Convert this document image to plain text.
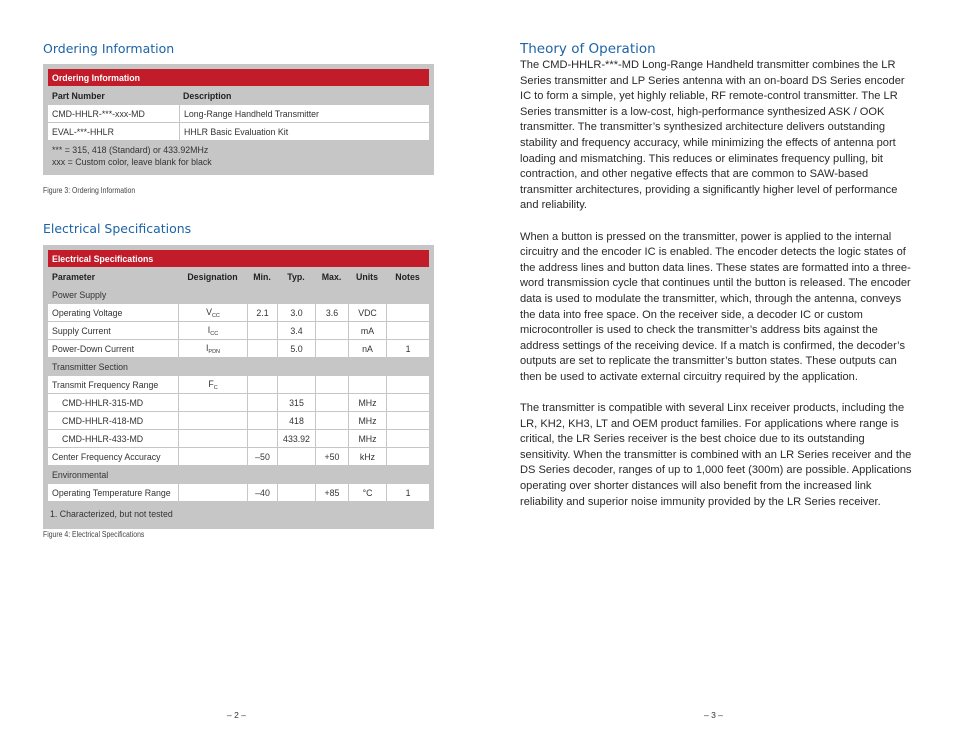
Ordering Information
Ordering Information	
Part Number	Description
CMD-HHLR-***-xxx-MD	Long-Range Handheld Transmitter
EVAL-***-HHLR	HHLR Basic Evaluation Kit

*** = 315, 418 (Standard) or 433.92MHz
xxx = Custom color, leave blank for black	
Figure 3: Ordering Information
Electrical Specifications
Electrical Specifications						
Parameter	Designation	Min.	Typ.	Max.	Units	Notes
Power Supply						
Operating Voltage	$V_{CC}$	2.1	3.0	3.6	VDC	
Supply Current	$I_{CC}$		3.4		mA	
Power-Down Current	$I_{PDN}$		5.0		nA	1
Transmitter Section						
Transmit Frequency Range	$F_C$					
CMD-HHLR-315-MD			315		MHz	
CMD-HHLR-418-MD			418		MHz	
CMD-HHLR-433-MD			433.92		MHz	
Center Frequency Accuracy		–50		+50	kHz	
Environmental						
Operating Temperature Range		–40		+85	°C	1
1. Characterized, but not tested						
Figure 4: Electrical Specifications
– 2 –
Theory of Operation

The CMD-HHLR-***-MD Long-Range Handheld transmitter combines the LR Series transmitter and LP Series antenna with an on-board DS Series encoder IC to form a simple, yet highly reliable, RF remote-control transmitter. The LR Series transmitter is a low-cost, high-performance synthesized ASK / OOK transmitter. The transmitter’s synthesized architecture delivers outstanding stability and frequency accuracy, while minimizing the effects of antenna port loading and mismatching. This reduces or eliminates frequency pulling, bit contraction, and other negative effects that are common to SAW-based transmitter architectures, providing a significantly higher level of performance and reliability.

When a button is pressed on the transmitter, power is applied to the internal circuitry and the encoder IC is enabled. The encoder detects the logic states of the address lines and button data lines. These states are formatted into a three-word transmission cycle that continues until the button is released. The encoder data is used to modulate the transmitter, which, through the antenna, conveys the data into free space. On the receiver side, a decoder IC or custom microcontroller is used to check the transmitter’s address bits against the address settings of the receiving device. If a match is confirmed, the decoder’s outputs are set to replicate the transmitter’s button states. These outputs can then be used to activate external circuitry required by the application.

The transmitter is compatible with several Linx receiver products, including the LR, KH2, KH3, LT and OEM product families. For applications where range is critical, the LR Series receiver is the best choice due to its outstanding sensitivity. When the transmitter is combined with an LR Series receiver and the DS Series decoder, ranges of up to 1,000 feet (300m) are possible. Applications operating over shorter distances will also benefit from the increased link reliability and superior noise immunity provided by the LR Series receiver.

– 3 –
